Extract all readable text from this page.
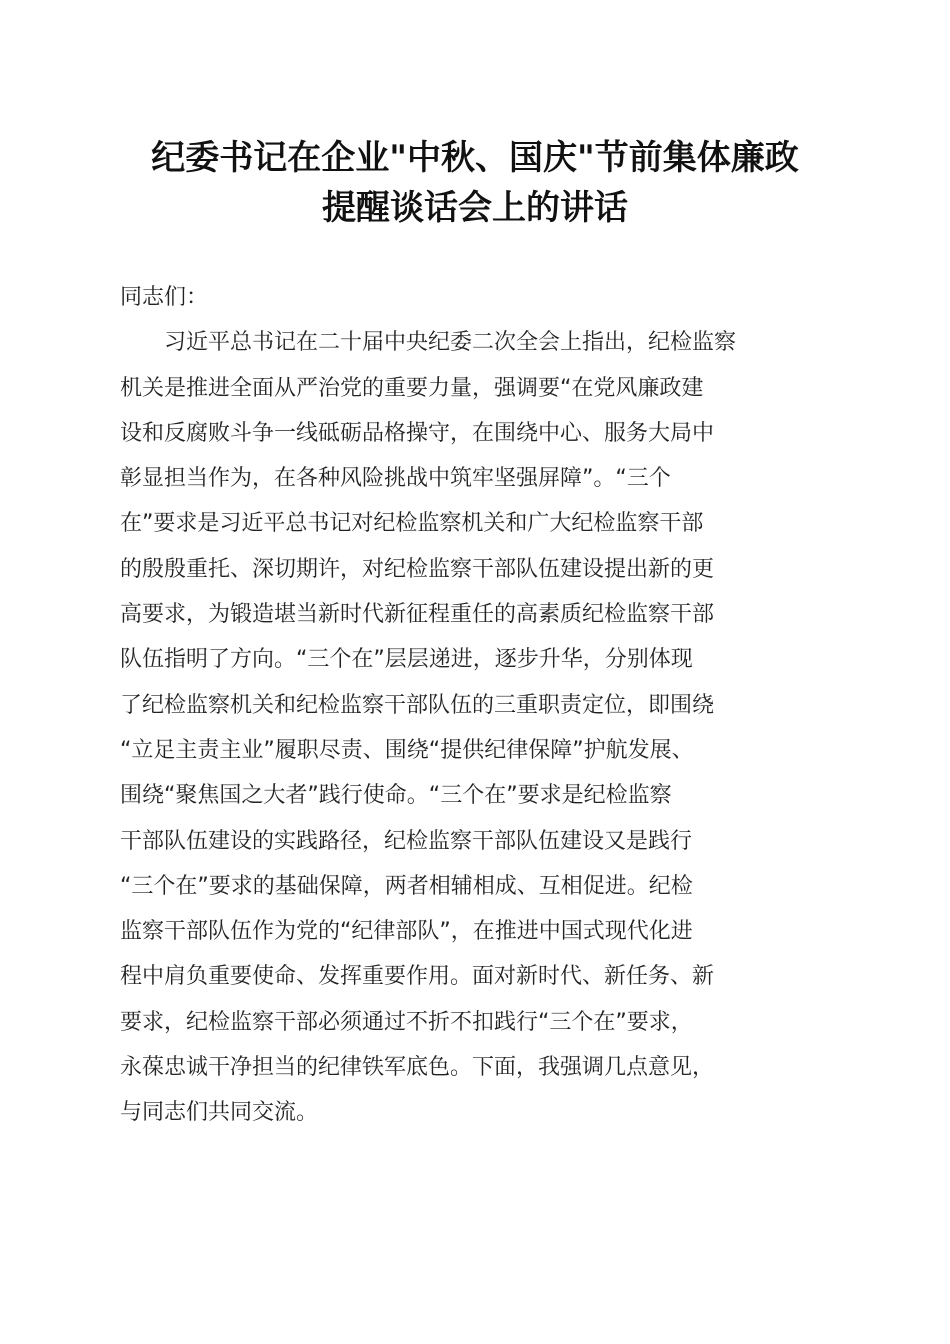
纪委书记在企业"中秋、国庆"节前集体廉政
提醒谈话会上的讲话

同志们：

习近平总书记在二十届中央纪委二次全会上指出，纪检监察
机关是推进全面从严治党的重要力量，强调要“在党风廉政建
设和反腐败斗争一线砥砺品格操守，在围绕中心、服务大局中
彰显担当作为，在各种风险挑战中筑牢坚强屏障”。“三个
在”要求是习近平总书记对纪检监察机关和广大纪检监察干部
的殷殷重托、深切期许，对纪检监察干部队伍建设提出新的更
高要求，为锻造堪当新时代新征程重任的高素质纪检监察干部
队伍指明了方向。“三个在”层层递进，逐步升华，分别体现
了纪检监察机关和纪检监察干部队伍的三重职责定位，即围绕
“立足主责主业”履职尽责、围绕“提供纪律保障”护航发展、
围绕“聚焦国之大者”践行使命。“三个在”要求是纪检监察
干部队伍建设的实践路径，纪检监察干部队伍建设又是践行
“三个在”要求的基础保障，两者相辅相成、互相促进。纪检
监察干部队伍作为党的“纪律部队”，在推进中国式现代化进
程中肩负重要使命、发挥重要作用。面对新时代、新任务、新
要求，纪检监察干部必须通过不折不扣践行“三个在”要求，
永葆忠诚干净担当的纪律铁军底色。下面，我强调几点意见，
与同志们共同交流。
